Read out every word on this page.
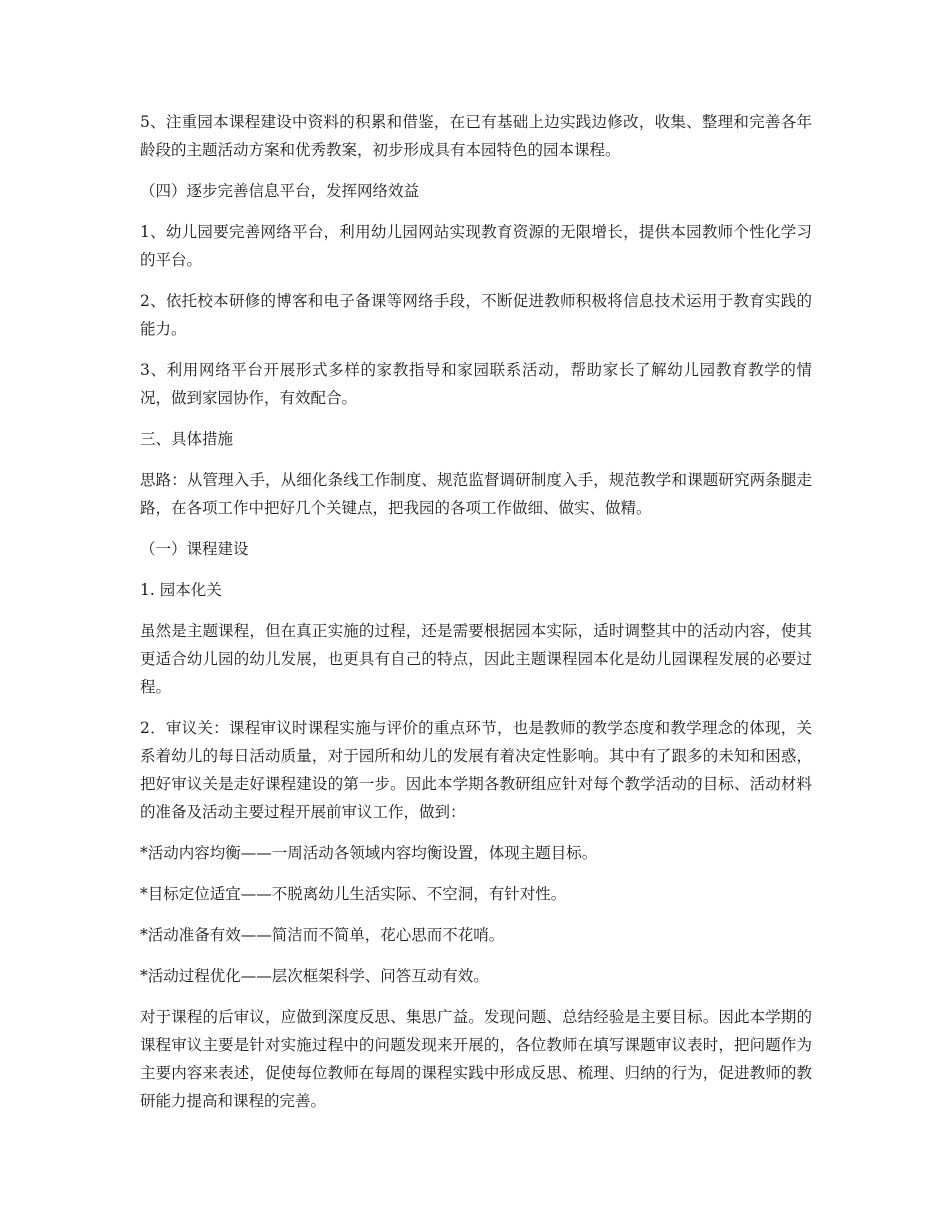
5、注重园本课程建设中资料的积累和借鉴，在已有基础上边实践边修改，收集、整理和完善各年龄段的主题活动方案和优秀教案，初步形成具有本园特色的园本课程。

（四）逐步完善信息平台，发挥网络效益

1、幼儿园要完善网络平台，利用幼儿园网站实现教育资源的无限增长，提供本园教师个性化学习的平台。

2、依托校本研修的博客和电子备课等网络手段，不断促进教师积极将信息技术运用于教育实践的能力。

3、利用网络平台开展形式多样的家教指导和家园联系活动，帮助家长了解幼儿园教育教学的情况，做到家园协作，有效配合。

三、具体措施

思路：从管理入手，从细化条线工作制度、规范监督调研制度入手，规范教学和课题研究两条腿走路，在各项工作中把好几个关键点，把我园的各项工作做细、做实、做精。

（一）课程建设

1. 园本化关

虽然是主题课程，但在真正实施的过程，还是需要根据园本实际，适时调整其中的活动内容，使其更适合幼儿园的幼儿发展，也更具有自己的特点，因此主题课程园本化是幼儿园课程发展的必要过程。

2．审议关：课程审议时课程实施与评价的重点环节，也是教师的教学态度和教学理念的体现，关系着幼儿的每日活动质量，对于园所和幼儿的发展有着决定性影响。其中有了跟多的未知和困惑，把好审议关是走好课程建设的第一步。因此本学期各教研组应针对每个教学活动的目标、活动材料的准备及活动主要过程开展前审议工作，做到：

*活动内容均衡——一周活动各领域内容均衡设置，体现主题目标。

*目标定位适宜——不脱离幼儿生活实际、不空洞，有针对性。

*活动准备有效——简洁而不简单，花心思而不花哨。

*活动过程优化——层次框架科学、问答互动有效。

对于课程的后审议，应做到深度反思、集思广益。发现问题、总结经验是主要目标。因此本学期的课程审议主要是针对实施过程中的问题发现来开展的，各位教师在填写课题审议表时，把问题作为主要内容来表述，促使每位教师在每周的课程实践中形成反思、梳理、归纳的行为，促进教师的教研能力提高和课程的完善。
